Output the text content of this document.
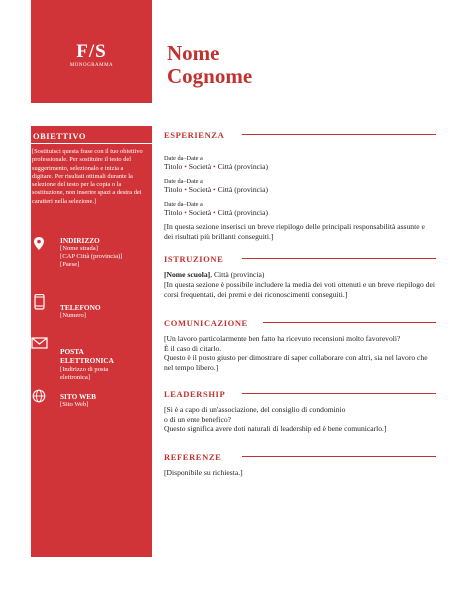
F/S
MONOGRAMMA
Nome
Cognome
OBIETTIVO
[Sostituisci questa frase con il tuo obiettivo professionale. Per sostituire il testo del suggerimento, selezionalo e inizia a digitare. Per risultati ottimali durante la selezione del testo per la copia o la sostituzione, non inserire spazi a destra dei caratteri nella selezione.]
INDIRIZZO
[Nome strada]
[CAP Città (provincia)]
[Paese]
TELEFONO
[Numero]
POSTA ELETTRONICA
[Indirizzo di posta elettronica]
SITO WEB
[Sito Web]
ESPERIENZA
Date da–Date a
Titolo • Società • Città (provincia)
Date da–Date a
Titolo • Società • Città (provincia)
Date da–Date a
Titolo • Società • Città (provincia)
[In questa sezione inserisci un breve riepilogo delle principali responsabilità assunte e dei risultati più brillanti conseguiti.]
ISTRUZIONE
[Nome scuola], Città (provincia)
[In questa sezione è possibile includere la media dei voti ottenuti e un breve riepilogo dei corsi frequentati, dei premi e dei riconoscimenti conseguiti.]
COMUNICAZIONE
[Un lavoro particolarmente ben fatto ha ricevuto recensioni molto favorevoli?
È il caso di citarlo.
Questo è il posto giusto per dimostrare di saper collaborare con altri, sia nel lavoro che nel tempo libero.]
LEADERSHIP
[Si è a capo di un'associazione, del consiglio di condominio
o di un ente benefico?
Questo significa avere doti naturali di leadership ed è bene comunicarlo.]
REFERENZE
[Disponibile su richiesta.]
